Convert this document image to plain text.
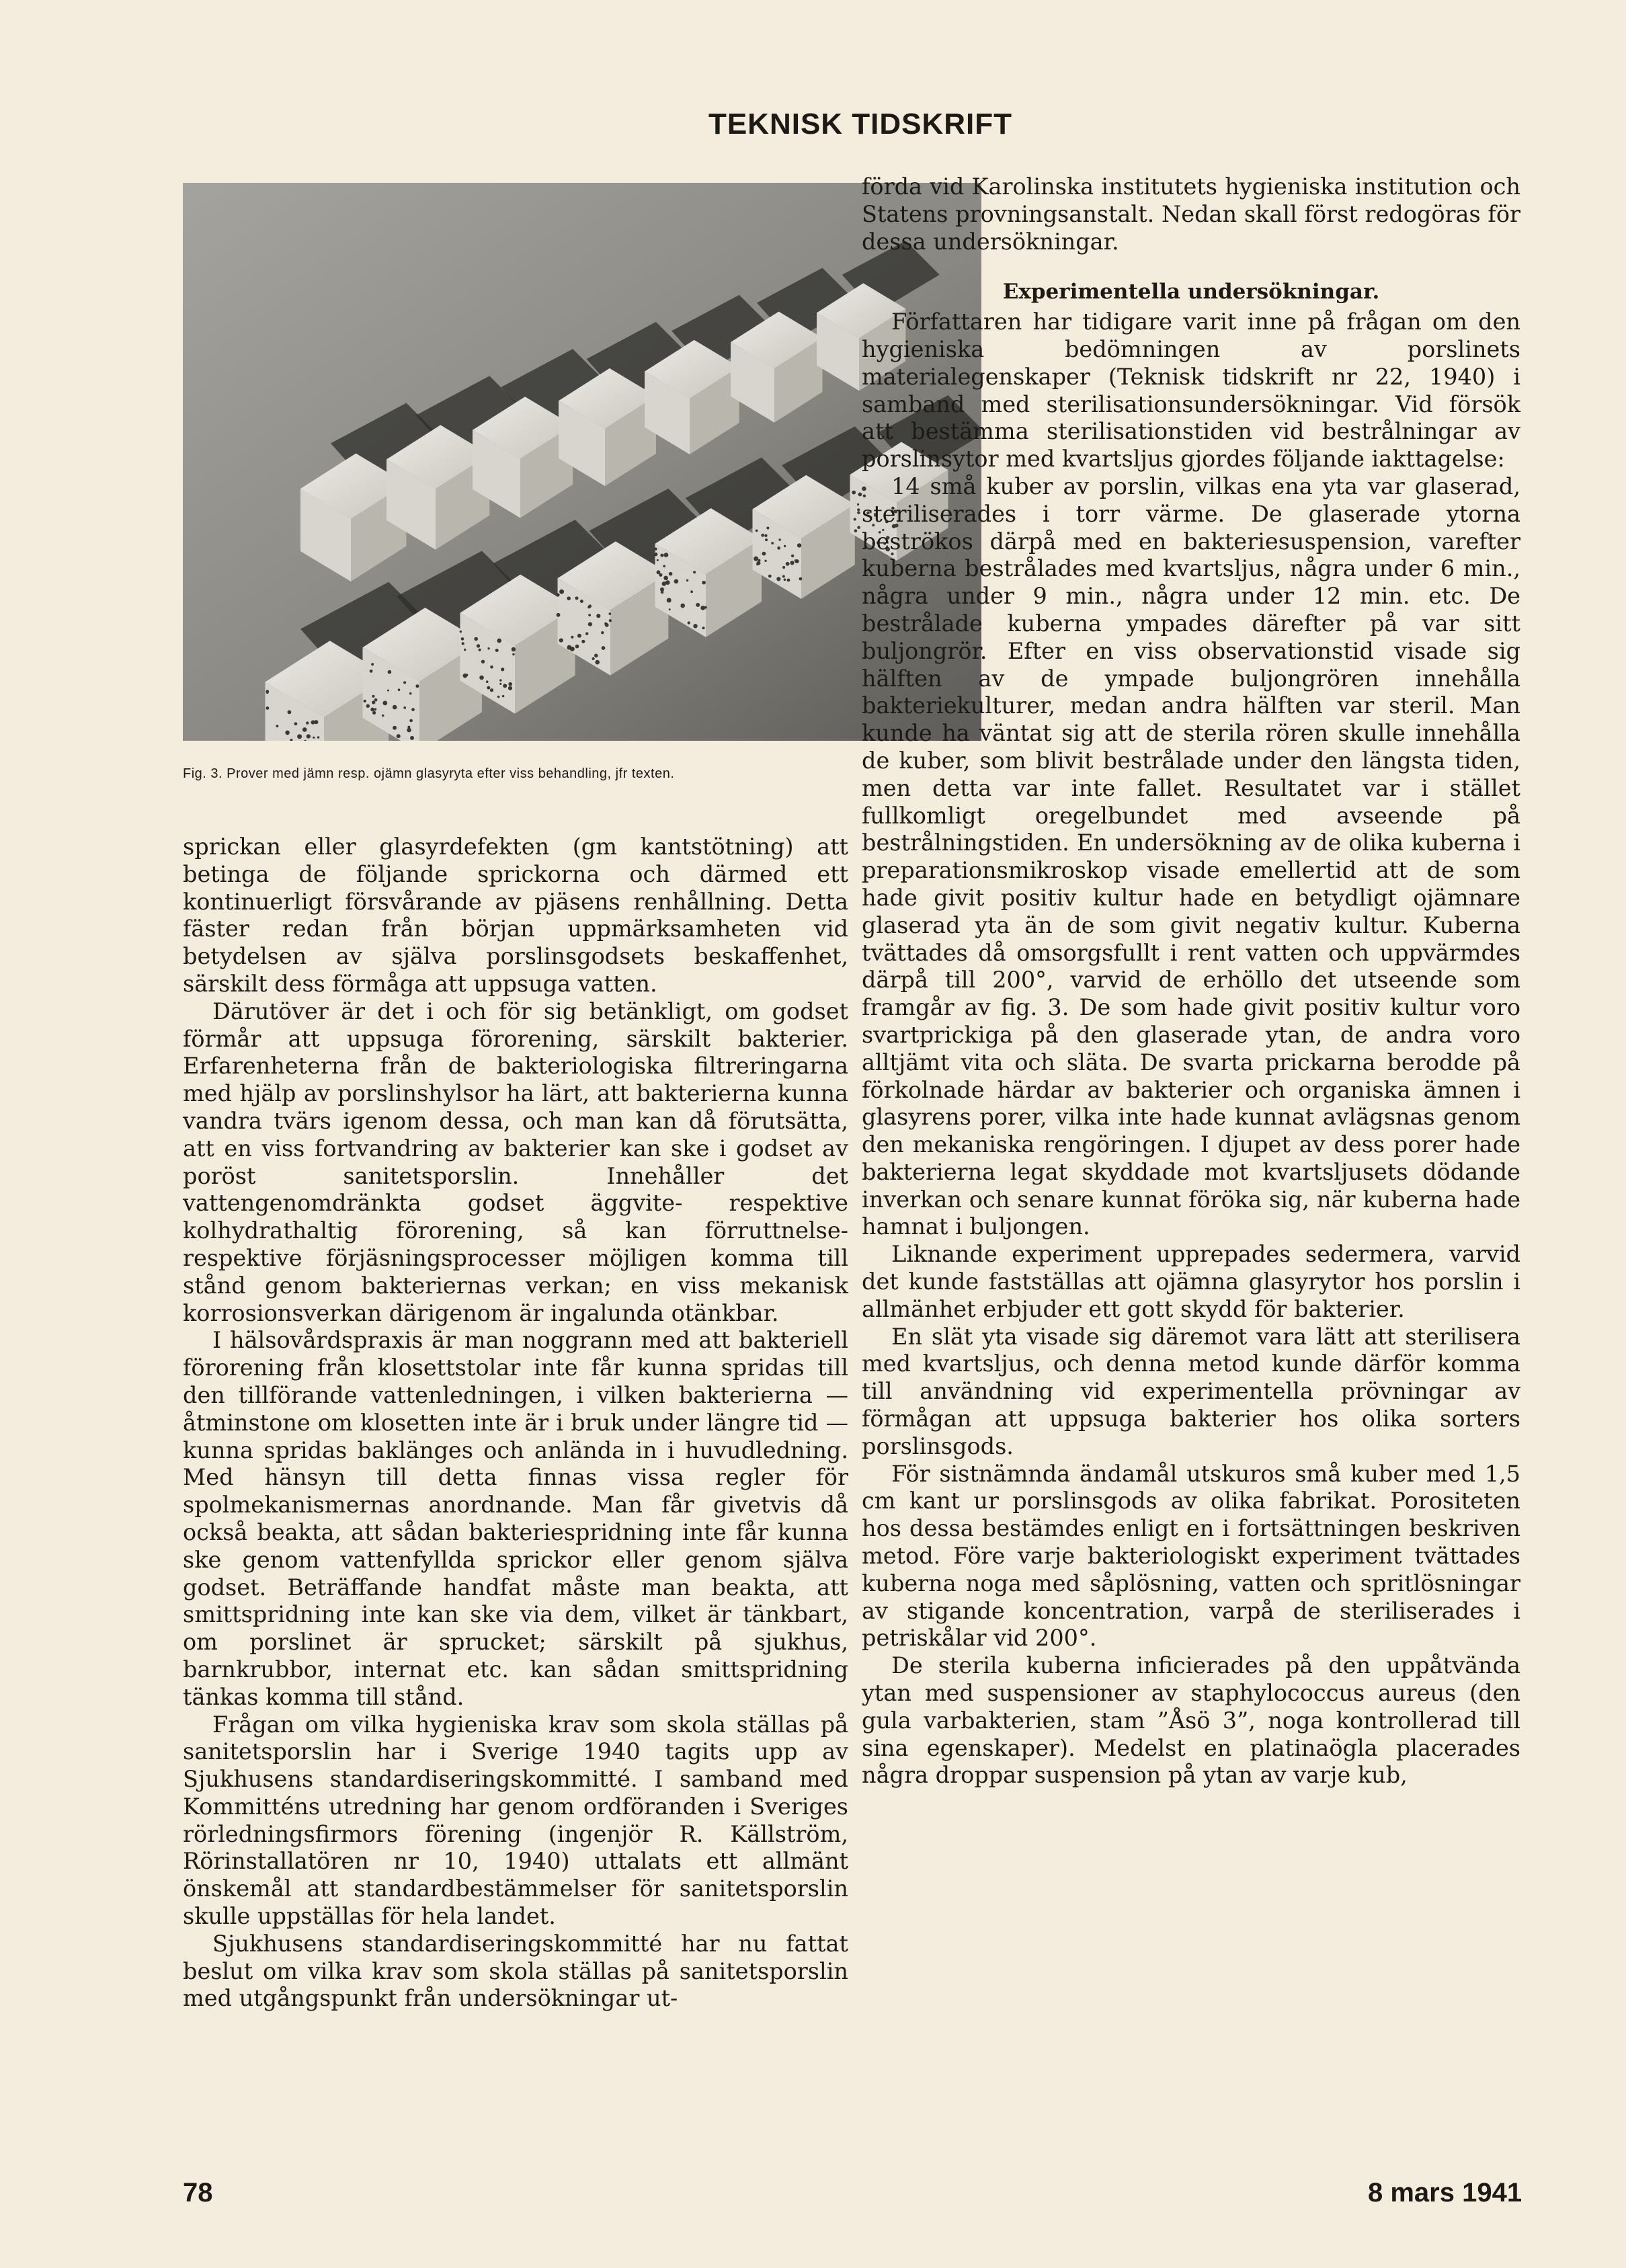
TEKNISK TIDSKRIFT
Fig. 3. Prover med jämn resp. ojämn glasyryta efter viss behandling, jfr texten.

sprickan eller glasyrdefekten (gm kantstötning) att betinga de följande sprickorna och därmed ett kontinuerligt försvårande av pjäsens renhållning. Detta fäster redan från början uppmärksamheten vid betydelsen av själva porslinsgodsets beskaffenhet, särskilt dess förmåga att uppsuga vatten.

Därutöver är det i och för sig betänkligt, om godset förmår att uppsuga förorening, särskilt bakterier. Erfarenheterna från de bakteriologiska filtreringarna med hjälp av porslinshylsor ha lärt, att bakterierna kunna vandra tvärs igenom dessa, och man kan då förutsätta, att en viss fortvandring av bakterier kan ske i godset av poröst sanitetsporslin. Innehåller det vattengenomdränkta godset äggvite- respektive kolhydrathaltig förorening, så kan förruttnelse- respektive förjäsningsprocesser möjligen komma till stånd genom bakteriernas verkan; en viss mekanisk korrosionsverkan därigenom är ingalunda otänkbar.

I hälsovårdspraxis är man noggrann med att bakteriell förorening från klosettstolar inte får kunna spridas till den tillförande vattenledningen, i vilken bakterierna — åtminstone om klosetten inte är i bruk under längre tid — kunna spridas baklänges och anlända in i huvudledning. Med hänsyn till detta finnas vissa regler för spolmekanismernas anordnande. Man får givetvis då också beakta, att sådan bakteriespridning inte får kunna ske genom vattenfyllda sprickor eller genom själva godset. Beträffande handfat måste man beakta, att smittspridning inte kan ske via dem, vilket är tänkbart, om porslinet är sprucket; särskilt på sjukhus, barnkrubbor, internat etc. kan sådan smittspridning tänkas komma till stånd.

Frågan om vilka hygieniska krav som skola ställas på sanitetsporslin har i Sverige 1940 tagits upp av Sjukhusens standardiseringskommitté. I samband med Kommitténs utredning har genom ordföranden i Sveriges rörledningsfirmors förening (ingenjör R. Källström, Rörinstallatören nr 10, 1940) uttalats ett allmänt önskemål att standardbestämmelser för sanitetsporslin skulle uppställas för hela landet.

Sjukhusens standardiseringskommitté har nu fattat beslut om vilka krav som skola ställas på sanitetsporslin med utgångspunkt från undersökningar ut-

förda vid Karolinska institutets hygieniska institution och Statens provningsanstalt. Nedan skall först redogöras för dessa undersökningar.

Experimentella undersökningar.

Författaren har tidigare varit inne på frågan om den hygieniska bedömningen av porslinets materialegenskaper (Teknisk tidskrift nr 22, 1940) i samband med sterilisationsundersökningar. Vid försök att bestämma sterilisationstiden vid bestrålningar av porslinsytor med kvartsljus gjordes följande iakttagelse:

14 små kuber av porslin, vilkas ena yta var glaserad, steriliserades i torr värme. De glaserade ytorna beströkos därpå med en bakteriesuspension, varefter kuberna bestrålades med kvartsljus, några under 6 min., några under 9 min., några under 12 min. etc. De bestrålade kuberna ympades därefter på var sitt buljongrör. Efter en viss observationstid visade sig hälften av de ympade buljongrören innehålla bakteriekulturer, medan andra hälften var steril. Man kunde ha väntat sig att de sterila rören skulle innehålla de kuber, som blivit bestrålade under den längsta tiden, men detta var inte fallet. Resultatet var i stället fullkomligt oregelbundet med avseende på bestrålningstiden. En undersökning av de olika kuberna i preparationsmikroskop visade emellertid att de som hade givit positiv kultur hade en betydligt ojämnare glaserad yta än de som givit negativ kultur. Kuberna tvättades då omsorgsfullt i rent vatten och uppvärmdes därpå till 200°, varvid de erhöllo det utseende som framgår av fig. 3. De som hade givit positiv kultur voro svartprickiga på den glaserade ytan, de andra voro alltjämt vita och släta. De svarta prickarna berodde på förkolnade härdar av bakterier och organiska ämnen i glasyrens porer, vilka inte hade kunnat avlägsnas genom den mekaniska rengöringen. I djupet av dess porer hade bakterierna legat skyddade mot kvartsljusets dödande inverkan och senare kunnat föröka sig, när kuberna hade hamnat i buljongen.

Liknande experiment upprepades sedermera, varvid det kunde fastställas att ojämna glasyrytor hos porslin i allmänhet erbjuder ett gott skydd för bakterier.

En slät yta visade sig däremot vara lätt att sterilisera med kvartsljus, och denna metod kunde därför komma till användning vid experimentella prövningar av förmågan att uppsuga bakterier hos olika sorters porslinsgods.

För sistnämnda ändamål utskuros små kuber med 1,5 cm kant ur porslinsgods av olika fabrikat. Porositeten hos dessa bestämdes enligt en i fortsättningen beskriven metod. Före varje bakteriologiskt experiment tvättades kuberna noga med såplösning, vatten och spritlösningar av stigande koncentration, varpå de steriliserades i petriskålar vid 200°.

De sterila kuberna inficierades på den uppåtvända ytan med suspensioner av staphylococcus aureus (den gula varbakterien, stam ”Åsö 3”, noga kontrollerad till sina egenskaper). Medelst en platinaögla placerades några droppar suspension på ytan av varje kub,

78	8 mars 1941
